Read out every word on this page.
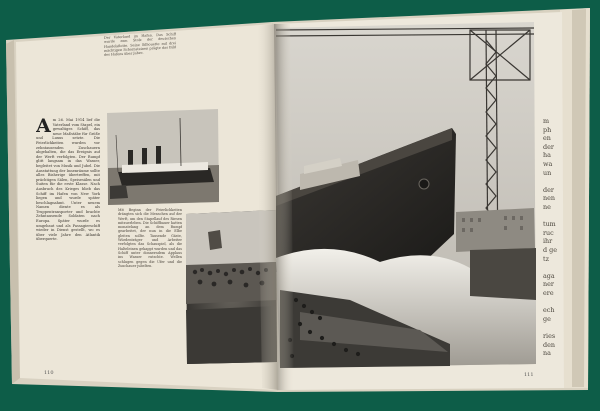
Der Vaterland im Hafen. Das Schiff wurde zum Stolz der deutschen Handelsflotte. Seine Silhouette mit drei mächtigen Schornsteinen prägte das Bild des Hafens über Jahre.
A m 26. Mai 1914 lief die Vaterland vom Stapel, ein gewaltiges Schiff, das neue Maßstäbe für Größe und Luxus setzte. Die Feierlichkeiten wurden vor zehntausenden Zuschauern abgehalten, die das Ereignis auf der Werft verfolgten. Der Rumpf glitt langsam in das Wasser, begleitet von Musik und Jubel. Die Ausstattung der Innenräume sollte alles Bisherige übertreffen, mit prächtigen Sälen, Speisesälen und Suiten für die erste Klasse. Nach Ausbruch des Krieges blieb das Schiff im Hafen von New York liegen und wurde später beschlagnahmt. Unter neuem Namen diente es als Truppentransporter und brachte Zehntausende Soldaten nach Europa. Später wurde es umgebaut und als Passagierschiff wieder in Dienst gestellt, wo es über viele Jahre den Atlantik überquerte.
Mit Beginn der Feierlichkeiten drängten sich die Menschen auf der Werft, um den Stapellauf des Riesen mitzuerleben. Die Schiffbauer hatten monatelang an dem Rumpf gearbeitet, der nun in die Elbe gleiten sollte. Tausende Gäste, Würdenträger und Arbeiter verfolgten das Schauspiel, als die Halteleinen gekappt wurden und das Schiff unter donnerndem Applaus ins Wasser rutschte. Wellen schlugen gegen die Ufer und die Zuschauer jubelten.
110	111
m
ph
en
der
ha
wa
un
der
nen
ne
tum
ruc
ihr
d ge
tz
aga
ner
ere
ech
ge
ries
den
na
